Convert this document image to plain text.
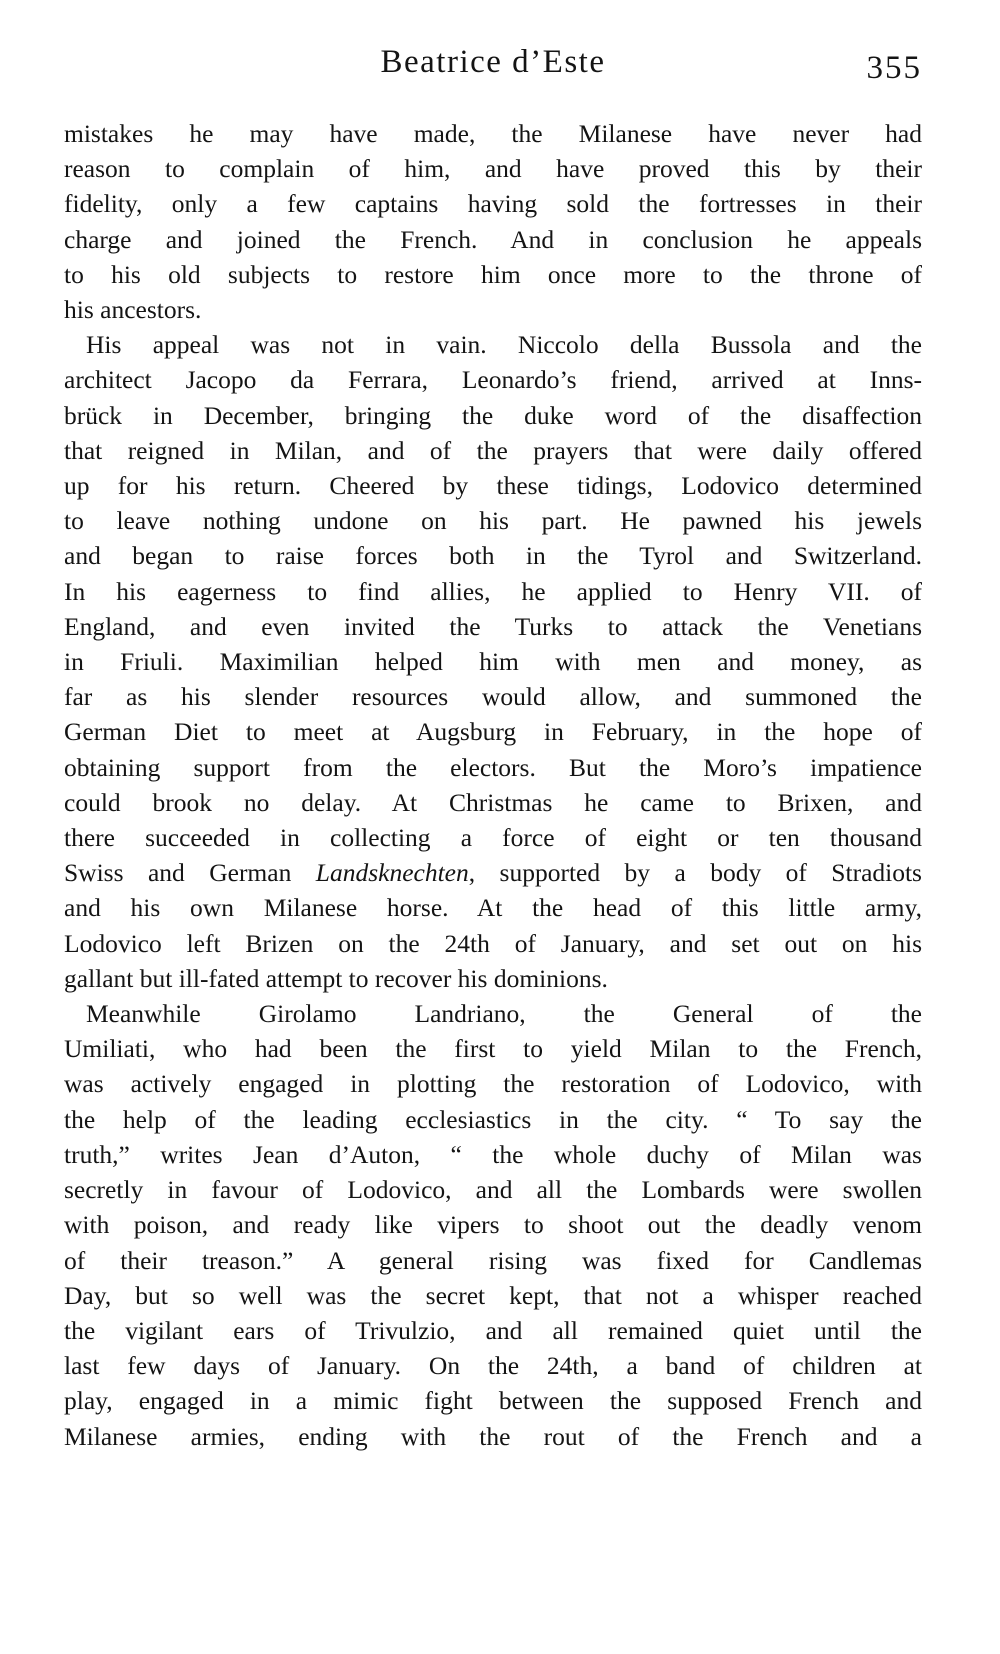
Beatrice d’Este	355

mistakes he may have made, the Milanese have never had
reason to complain of him, and have proved this by their
fidelity, only a few captains having sold the fortresses in their
charge and joined the French. And in conclusion he appeals
to his old subjects to restore him once more to the throne of
his ancestors.

His appeal was not in vain. Niccolo della Bussola and the
architect Jacopo da Ferrara, Leonardo’s friend, arrived at Inns-
brück in December, bringing the duke word of the disaffection
that reigned in Milan, and of the prayers that were daily offered
up for his return. Cheered by these tidings, Lodovico determined
to leave nothing undone on his part. He pawned his jewels
and began to raise forces both in the Tyrol and Switzerland.
In his eagerness to find allies, he applied to Henry VII. of
England, and even invited the Turks to attack the Venetians
in Friuli. Maximilian helped him with men and money, as
far as his slender resources would allow, and summoned the
German Diet to meet at Augsburg in February, in the hope of
obtaining support from the electors. But the Moro’s impatience
could brook no delay. At Christmas he came to Brixen, and
there succeeded in collecting a force of eight or ten thousand
Swiss and German Landsknechten, supported by a body of Stradiots
and his own Milanese horse. At the head of this little army,
Lodovico left Brizen on the 24th of January, and set out on his
gallant but ill-fated attempt to recover his dominions.

Meanwhile Girolamo Landriano, the General of the
Umiliati, who had been the first to yield Milan to the French,
was actively engaged in plotting the restoration of Lodovico, with
the help of the leading ecclesiastics in the city. “ To say the
truth,” writes Jean d’Auton, “ the whole duchy of Milan was
secretly in favour of Lodovico, and all the Lombards were swollen
with poison, and ready like vipers to shoot out the deadly venom
of their treason.” A general rising was fixed for Candlemas
Day, but so well was the secret kept, that not a whisper reached
the vigilant ears of Trivulzio, and all remained quiet until the
last few days of January. On the 24th, a band of children at
play, engaged in a mimic fight between the supposed French and
Milanese armies, ending with the rout of the French and a
